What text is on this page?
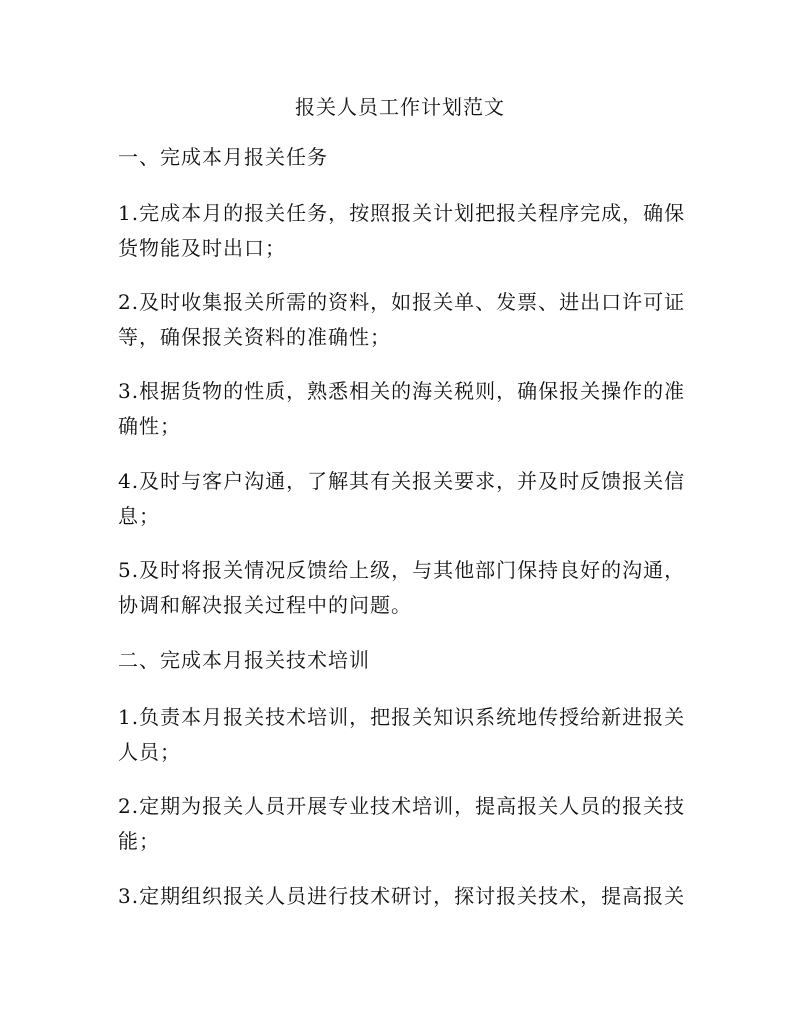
报关人员工作计划范文
一、完成本月报关任务
1.完成本月的报关任务，按照报关计划把报关程序完成，确保
货物能及时出口；
2.及时收集报关所需的资料，如报关单、发票、进出口许可证
等，确保报关资料的准确性；
3.根据货物的性质，熟悉相关的海关税则，确保报关操作的准
确性；
4.及时与客户沟通，了解其有关报关要求，并及时反馈报关信
息；
5.及时将报关情况反馈给上级，与其他部门保持良好的沟通，
协调和解决报关过程中的问题。
二、完成本月报关技术培训
1.负责本月报关技术培训，把报关知识系统地传授给新进报关
人员；
2.定期为报关人员开展专业技术培训，提高报关人员的报关技
能；
3.定期组织报关人员进行技术研讨，探讨报关技术，提高报关
